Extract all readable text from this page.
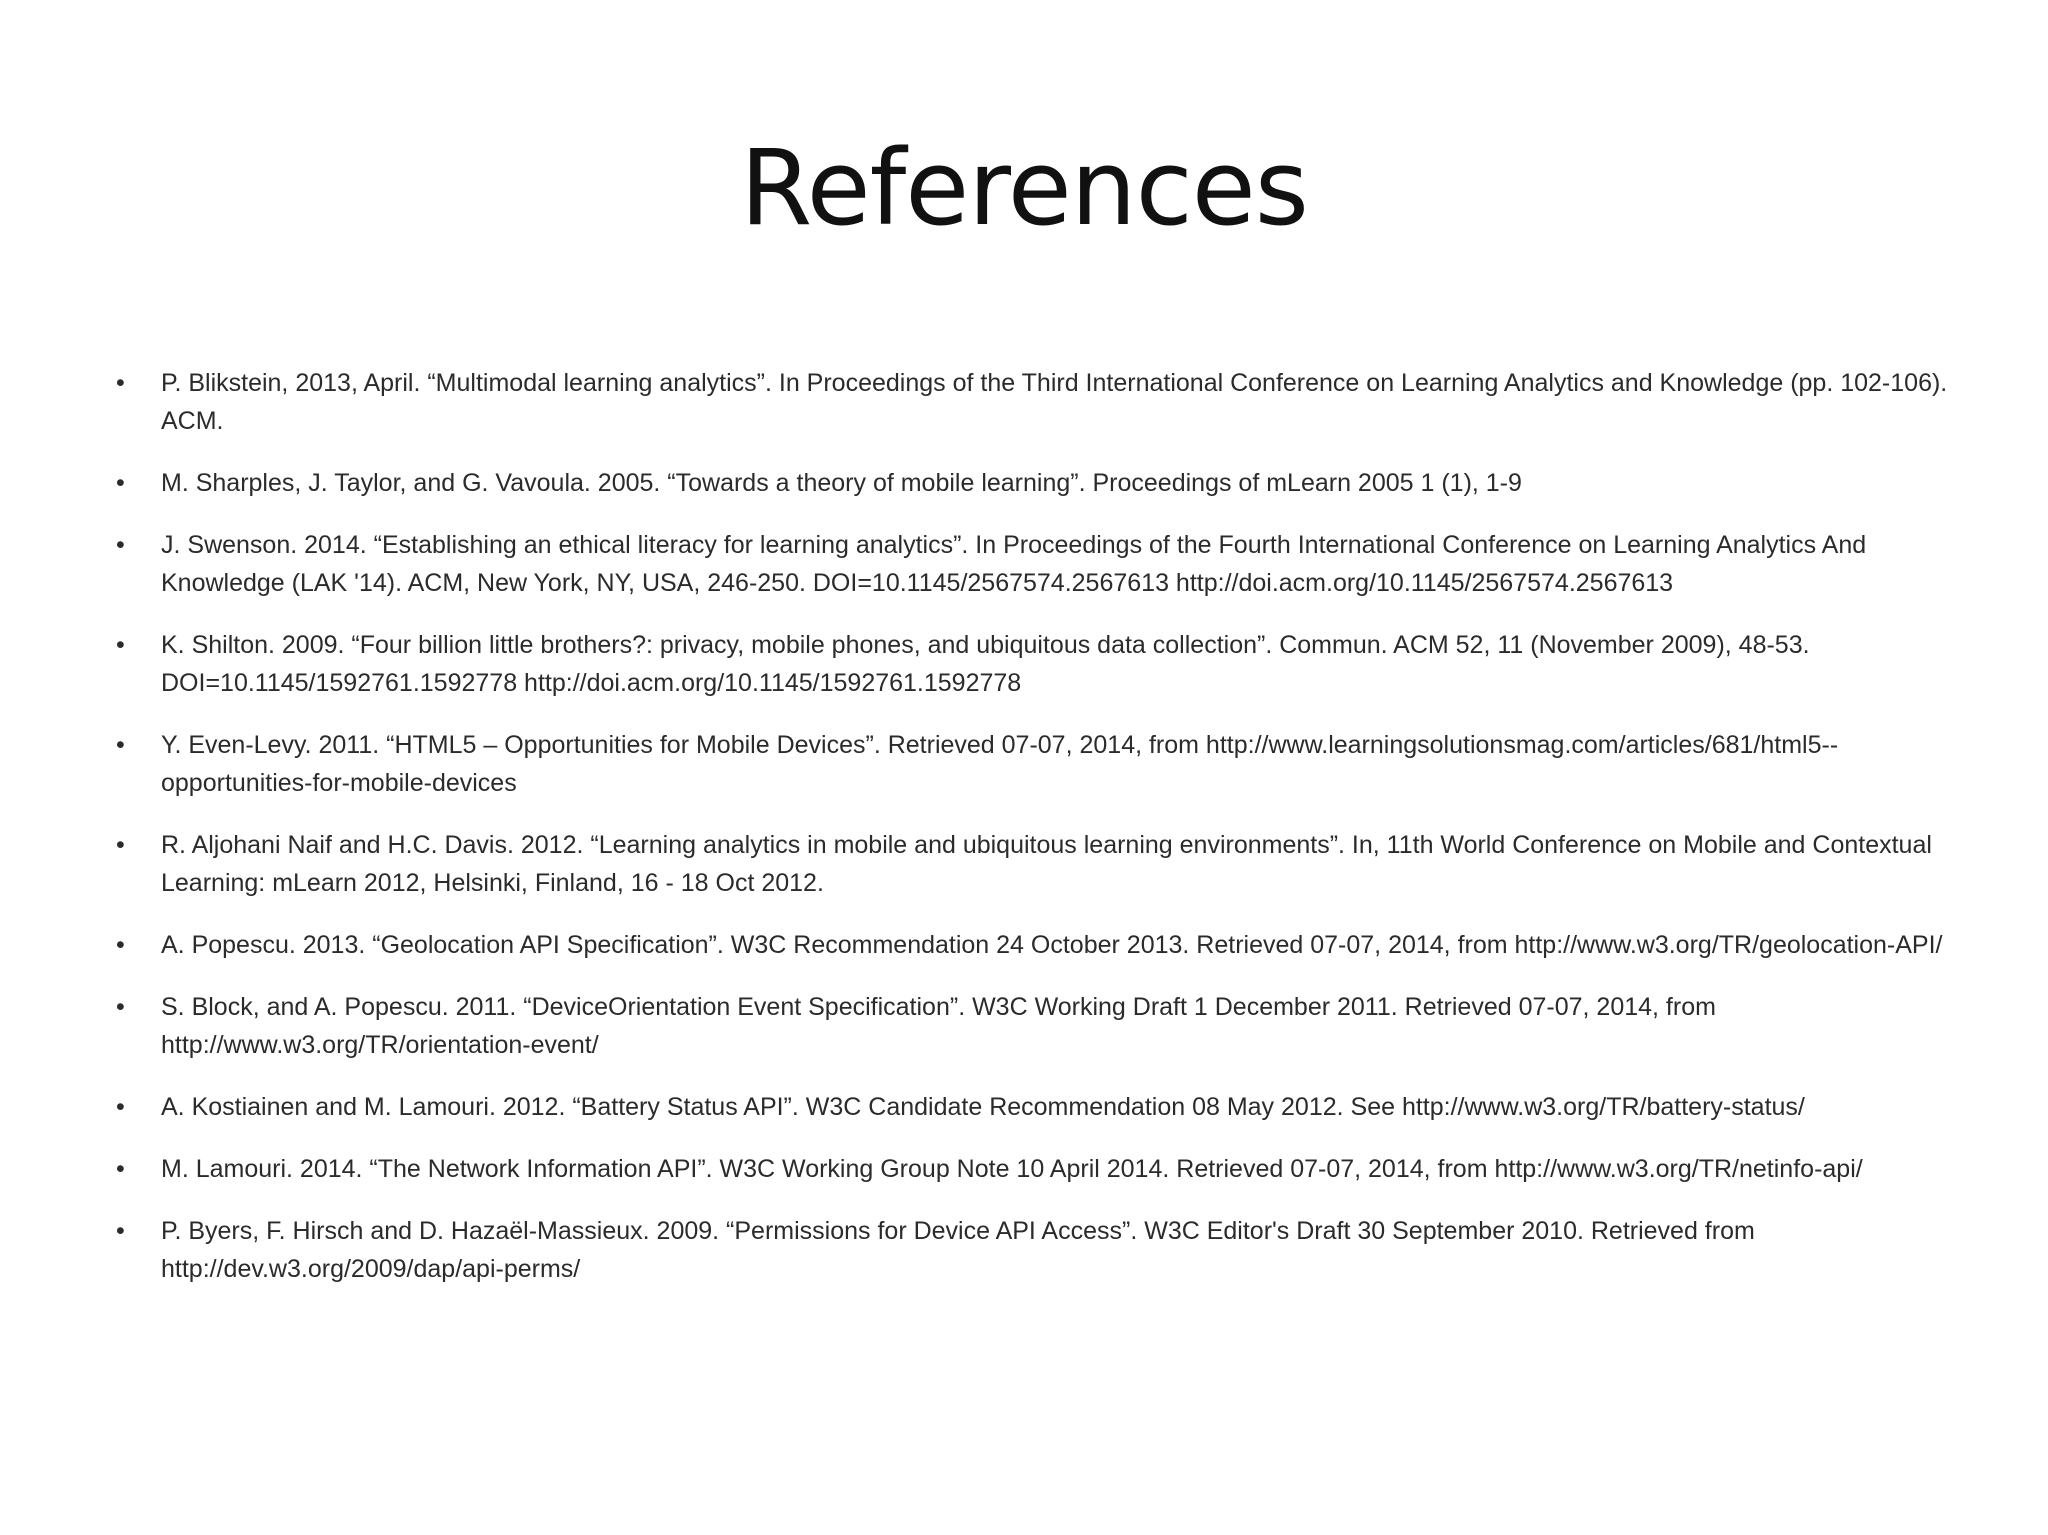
References
•	P. Blikstein, 2013, April. “Multimodal learning analytics”. In Proceedings of the Third International Conference on Learning Analytics and Knowledge (pp. 102-106). ACM.
•	M. Sharples, J. Taylor, and G. Vavoula. 2005. “Towards a theory of mobile learning”. Proceedings of mLearn 2005 1 (1), 1-9
•	J. Swenson. 2014. “Establishing an ethical literacy for learning analytics”. In Proceedings of the Fourth International Conference on Learning Analytics And Knowledge (LAK '14). ACM, New York, NY, USA, 246-250. DOI=10.1145/2567574.2567613 http://doi.acm.org/10.1145/2567574.2567613
•	K. Shilton. 2009. “Four billion little brothers?: privacy, mobile phones, and ubiquitous data collection”. Commun. ACM 52, 11 (November 2009), 48-53. DOI=10.1145/1592761.1592778 http://doi.acm.org/10.1145/1592761.1592778
•	Y. Even-Levy. 2011. “HTML5 – Opportunities for Mobile Devices”. Retrieved 07-07, 2014, from http://www.learningsolutionsmag.com/articles/681/html5--opportunities-for-mobile-devices
•	R. Aljohani Naif and H.C. Davis. 2012. “Learning analytics in mobile and ubiquitous learning environments”. In, 11th World Conference on Mobile and Contextual Learning: mLearn 2012, Helsinki, Finland, 16 - 18 Oct 2012.
•	A. Popescu. 2013. “Geolocation API Specification”. W3C Recommendation 24 October 2013. Retrieved 07-07, 2014, from http://www.w3.org/TR/geolocation-API/
•	S. Block, and A. Popescu. 2011. “DeviceOrientation Event Specification”. W3C Working Draft 1 December 2011. Retrieved 07-07, 2014, from http://www.w3.org/TR/orientation-event/
•	A. Kostiainen and M. Lamouri. 2012. “Battery Status API”. W3C Candidate Recommendation 08 May 2012. See http://www.w3.org/TR/battery-status/
•	M. Lamouri. 2014. “The Network Information API”. W3C Working Group Note 10 April 2014. Retrieved 07-07, 2014, from http://www.w3.org/TR/netinfo-api/
•	P. Byers, F. Hirsch and D. Hazaël-Massieux. 2009. “Permissions for Device API Access”. W3C Editor's Draft 30 September 2010. Retrieved from http://dev.w3.org/2009/dap/api-perms/
